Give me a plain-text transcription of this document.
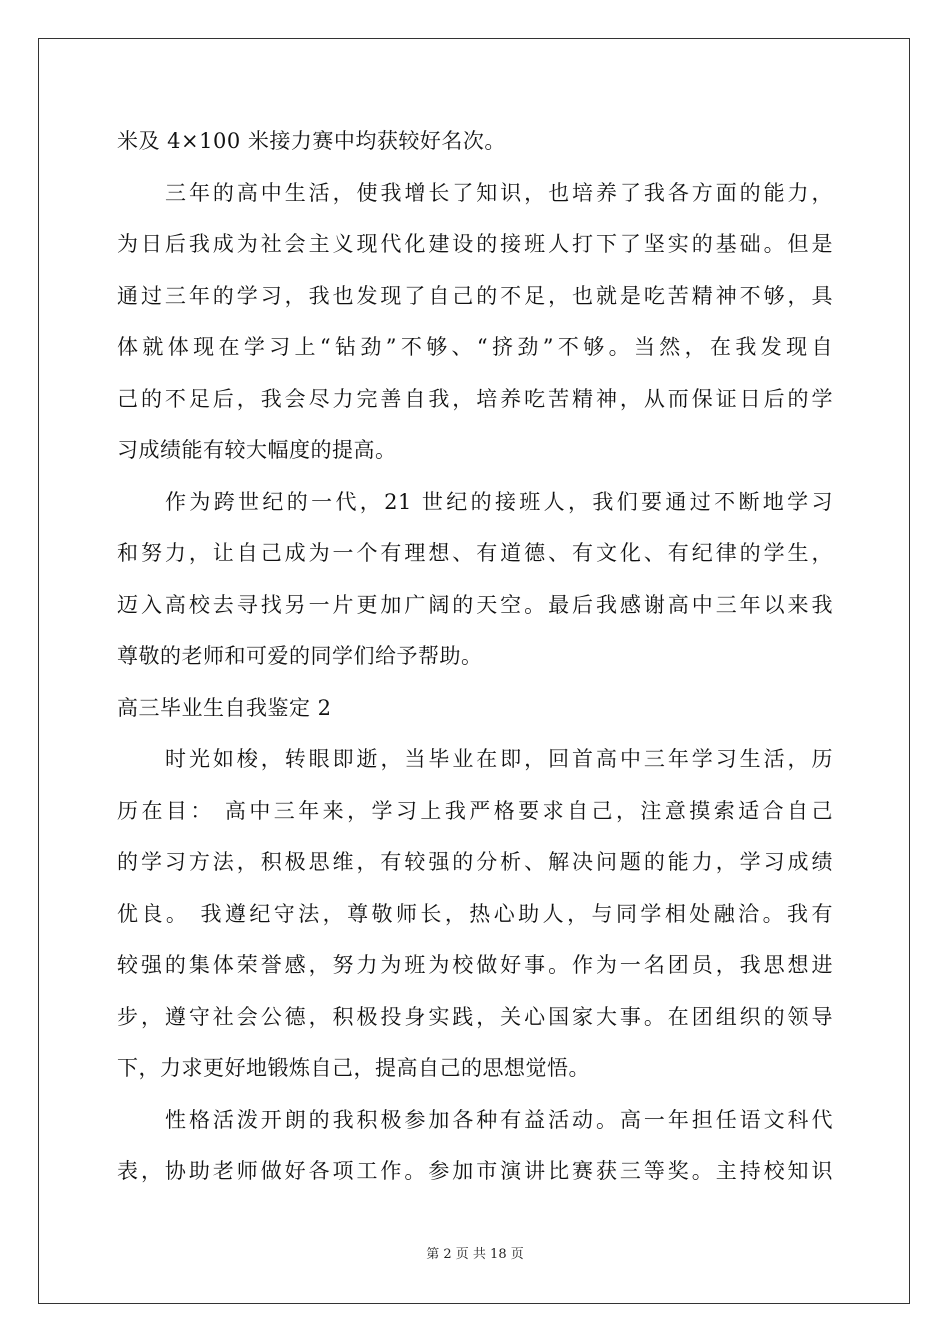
米及 4×100 米接力赛中均获较好名次。
三年的高中生活，使我增长了知识，也培养了我各方面的能力，
为日后我成为社会主义现代化建设的接班人打下了坚实的基础。但是
通过三年的学习，我也发现了自己的不足，也就是吃苦精神不够，具
体就体现在学习上“钻劲”不够、“挤劲”不够。当然，在我发现自
己的不足后，我会尽力完善自我，培养吃苦精神，从而保证日后的学
习成绩能有较大幅度的提高。
作为跨世纪的一代，21 世纪的接班人，我们要通过不断地学习
和努力，让自己成为一个有理想、有道德、有文化、有纪律的学生，
迈入高校去寻找另一片更加广阔的天空。最后我感谢高中三年以来我
尊敬的老师和可爱的同学们给予帮助。
高三毕业生自我鉴定 2
时光如梭，转眼即逝，当毕业在即，回首高中三年学习生活，历
历在目： 高中三年来，学习上我严格要求自己，注意摸索适合自己
的学习方法，积极思维，有较强的分析、解决问题的能力，学习成绩
优良。 我遵纪守法，尊敬师长，热心助人，与同学相处融洽。我有
较强的集体荣誉感，努力为班为校做好事。作为一名团员，我思想进
步，遵守社会公德，积极投身实践，关心国家大事。在团组织的领导
下，力求更好地锻炼自己，提高自己的思想觉悟。
性格活泼开朗的我积极参加各种有益活动。高一年担任语文科代
表，协助老师做好各项工作。参加市演讲比赛获三等奖。主持校知识
第 2 页 共 18 页
